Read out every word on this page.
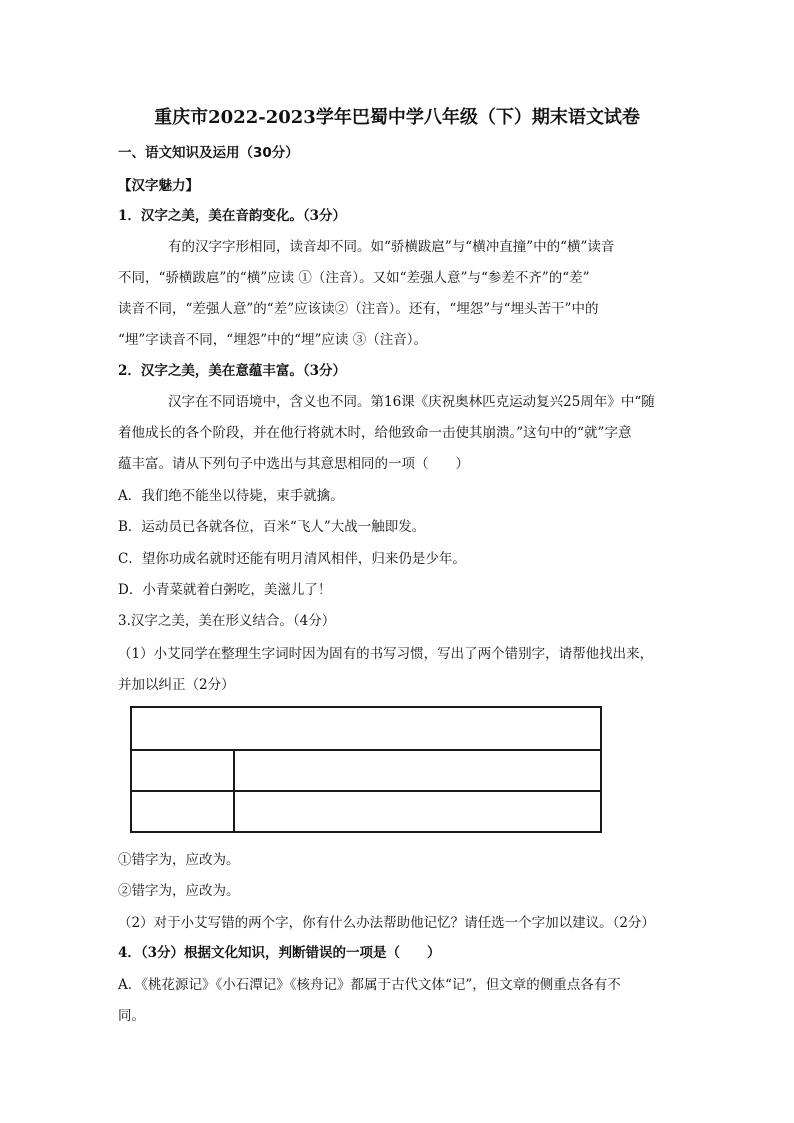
重庆市2022-2023学年巴蜀中学八年级（下）期末语文试卷
一、语文知识及运用（30分）
【汉字魅力】
1．汉字之美，美在音韵变化。（3分）
有的汉字字形相同，读音却不同。如“骄横跋扈”与“横冲直撞”中的“横”读音
不同，“骄横跋扈”的“横”应读 ①（注音）。又如“差强人意”与“参差不齐”的“差”
读音不同，“差强人意”的“差”应该读②（注音）。还有，“埋怨”与“埋头苦干”中的
“埋”字读音不同，“埋怨”中的“埋”应读 ③（注音）。
2．汉字之美，美在意蕴丰富。（3分）
汉字在不同语境中，含义也不同。第16课《庆祝奥林匹克运动复兴25周年》中“随
着他成长的各个阶段，并在他行将就木时，给他致命一击使其崩溃。”这句中的“就”字意
蕴丰富。请从下列句子中选出与其意思相同的一项（　　）
A．我们绝不能坐以待毙，束手就擒。
B．运动员已各就各位，百米“飞人”大战一触即发。
C．望你功成名就时还能有明月清风相伴，归来仍是少年。
D．小青菜就着白粥吃，美滋儿了！
3.汉字之美，美在形义结合。（4分）
（1）小艾同学在整理生字词时因为固有的书写习惯，写出了两个错别字，请帮他找出来，
并加以纠正（2分）
①错字为，应改为。
②错字为，应改为。
（2）对于小艾写错的两个字，你有什么办法帮助他记忆？请任选一个字加以建议。（2分）
4．（3分）根据文化知识，判断错误的一项是（　　）
A．《桃花源记》《小石潭记》《核舟记》都属于古代文体“记”，但文章的侧重点各有不
同。
